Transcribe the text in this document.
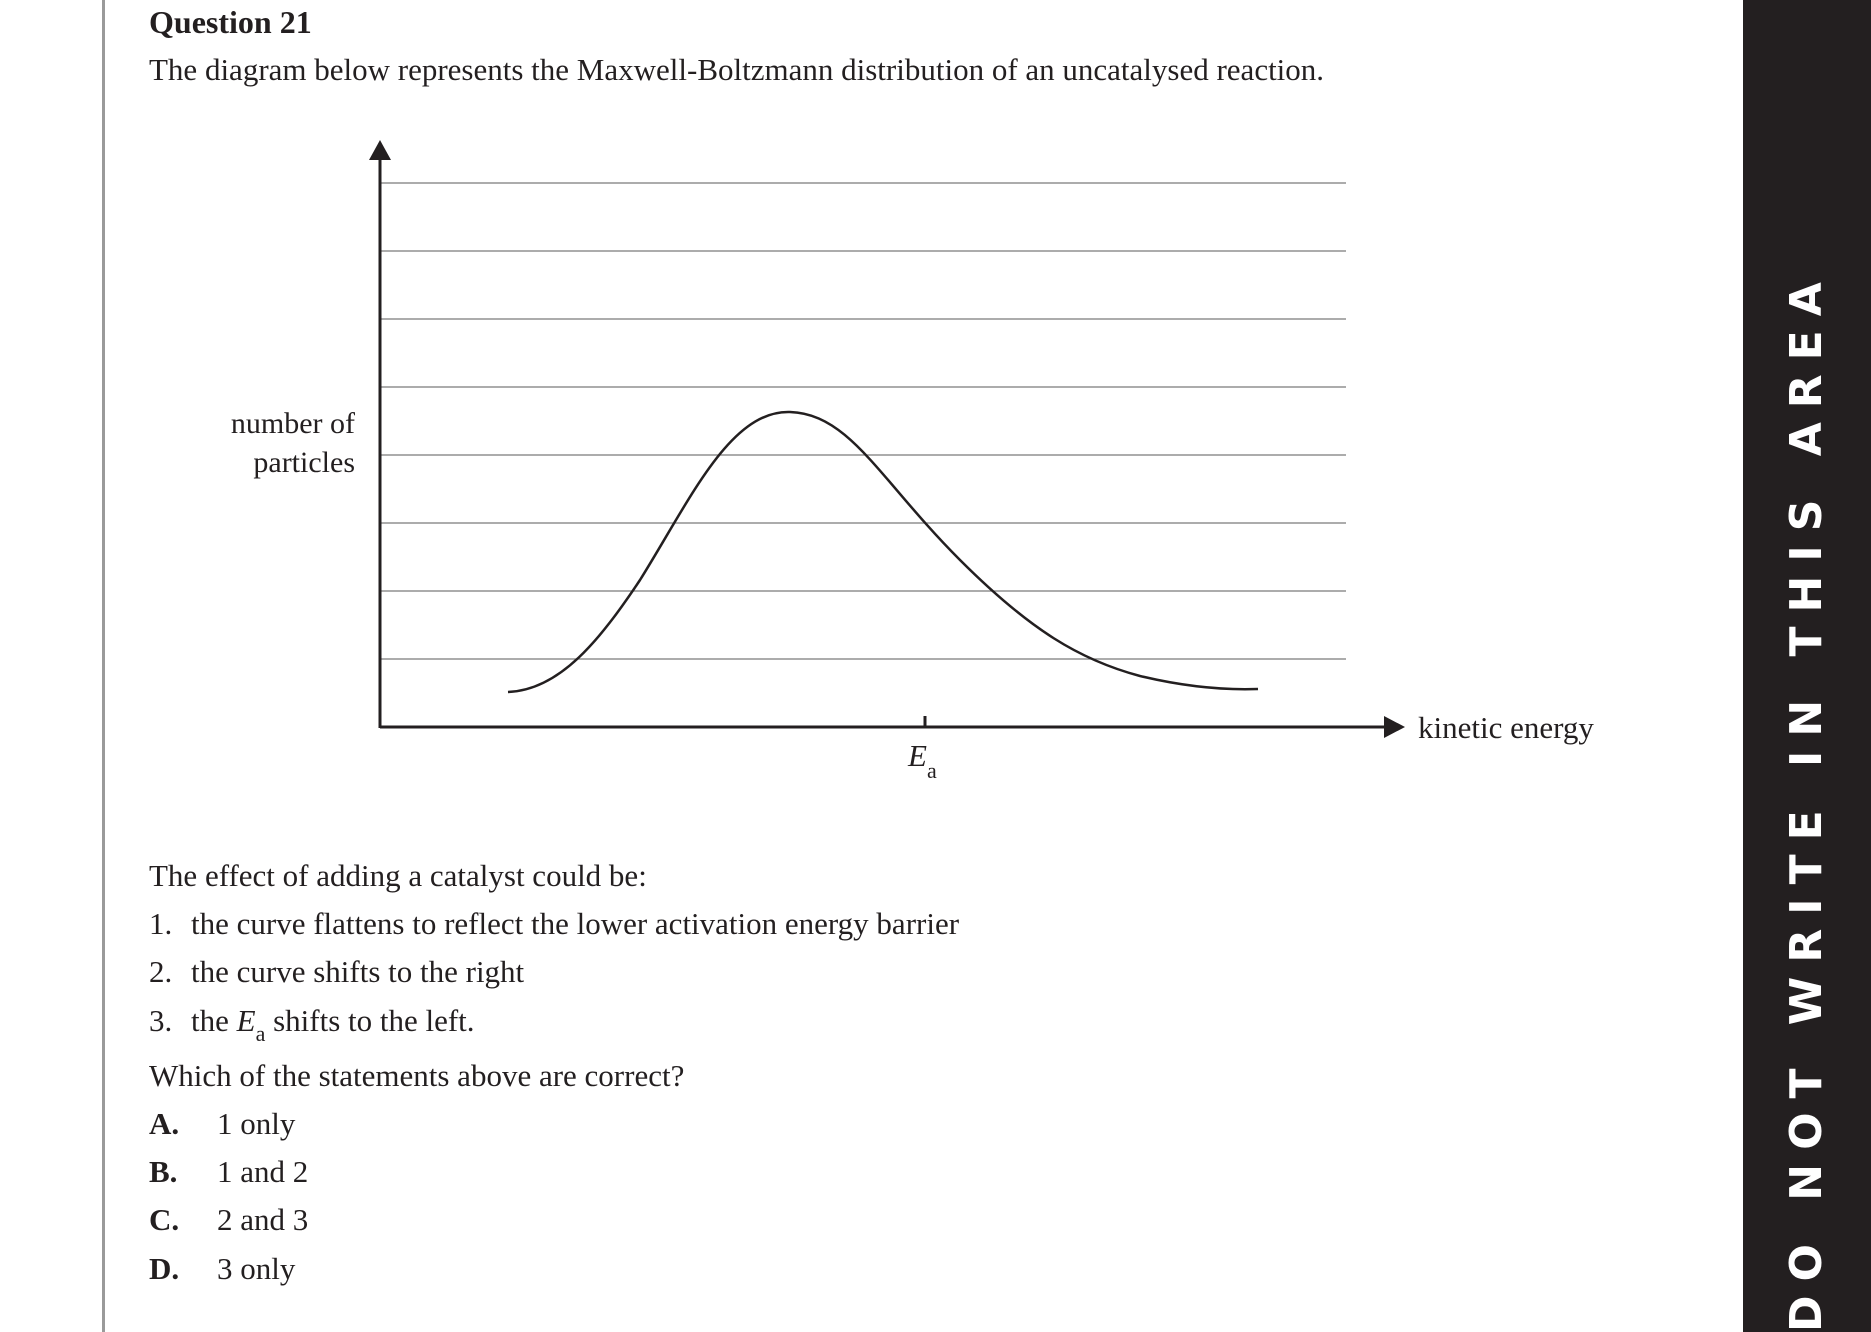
Question 21
The diagram below represents the Maxwell-Boltzmann distribution of an uncatalysed reaction.
number of
particles
kinetic energy
$E_a$
The effect of adding a catalyst could be:
1. the curve flattens to reflect the lower activation energy barrier
2. the curve shifts to the right
3. the $E_a$ shifts to the left.
Which of the statements above are correct?
A. 1 only
B. 1 and 2
C. 2 and 3
D. 3 only	DO NOT WRITE IN THIS AREA
